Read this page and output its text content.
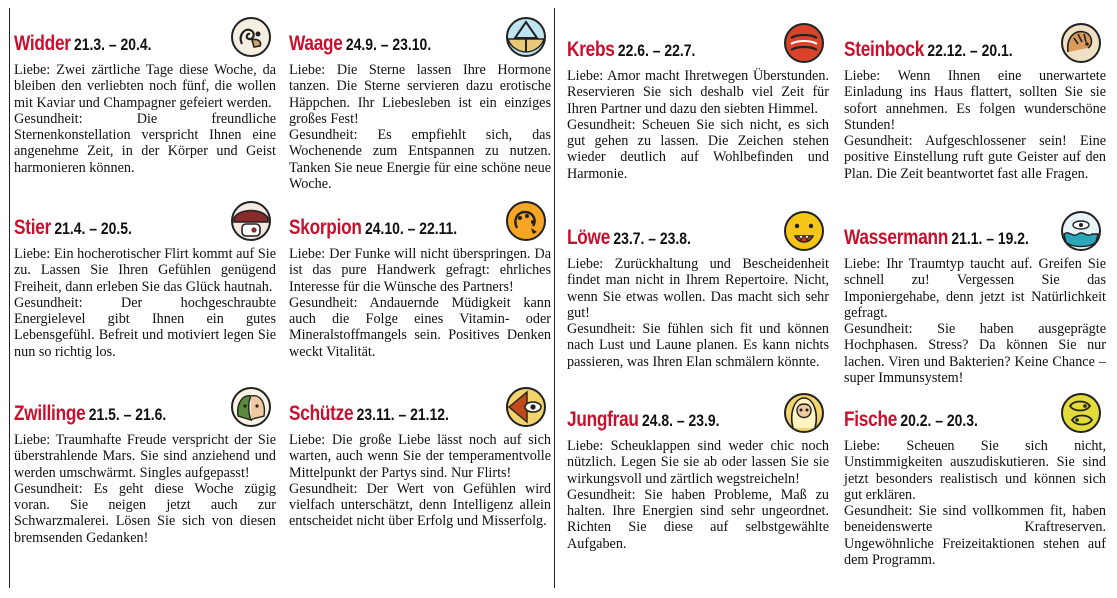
Widder 21.3. – 20.4.

Liebe: Zwei zärtliche Tage diese Woche, da bleiben den verliebten noch fünf, die wollen mit Kaviar und Champagner gefeiert werden.

Gesundheit: Die freundliche Sternenkonstellation verspricht Ihnen eine angenehme Zeit, in der Körper und Geist harmonieren können.

Stier 21.4. – 20.5.

Liebe: Ein hocherotischer Flirt kommt auf Sie zu. Lassen Sie Ihren Gefühlen genügend Freiheit, dann erleben Sie das Glück hautnah.

Gesundheit: Der hochgeschraubte Energielevel gibt Ihnen ein gutes Lebensgefühl. Befreit und motiviert legen Sie nun so richtig los.

Zwillinge 21.5. – 21.6.

Liebe: Traumhafte Freude verspricht der Sie überstrahlende Mars. Sie sind anziehend und werden umschwärmt. Singles aufgepasst!

Gesundheit: Es geht diese Woche zügig voran. Sie neigen jetzt auch zur Schwarzmalerei. Lösen Sie sich von diesen bremsenden Gedanken!

Waage 24.9. – 23.10.

Liebe: Die Sterne lassen Ihre Hormone tanzen. Die Sterne servieren dazu erotische Häppchen. Ihr Liebesleben ist ein einziges großes Fest!

Gesundheit: Es empfiehlt sich, das Wochenende zum Entspannen zu nutzen. Tanken Sie neue Energie für eine schöne neue Woche.

Skorpion 24.10. – 22.11.

Liebe: Der Funke will nicht überspringen. Da ist das pure Handwerk gefragt: ehrliches Interesse für die Wünsche des Partners!

Gesundheit: Andauernde Müdigkeit kann auch die Folge eines Vitamin- oder Mineralstoffmangels sein. Positives Denken weckt Vitalität.

Schütze 23.11. – 21.12.

Liebe: Die große Liebe lässt noch auf sich warten, auch wenn Sie der temperamentvolle Mittelpunkt der Partys sind. Nur Flirts!

Gesundheit: Der Wert von Gefühlen wird vielfach unterschätzt, denn Intelligenz allein entscheidet nicht über Erfolg und Misserfolg.

Krebs 22.6. – 22.7.

Liebe: Amor macht Ihretwegen Überstunden. Reservieren Sie sich deshalb viel Zeit für Ihren Partner und dazu den siebten Himmel.

Gesundheit: Scheuen Sie sich nicht, es sich gut gehen zu lassen. Die Zeichen stehen wieder deutlich auf Wohlbefinden und Harmonie.

Löwe 23.7. – 23.8.

Liebe: Zurückhaltung und Bescheidenheit findet man nicht in Ihrem Repertoire. Nicht, wenn Sie etwas wollen. Das macht sich sehr gut!

Gesundheit: Sie fühlen sich fit und können nach Lust und Laune planen. Es kann nichts passieren, was Ihren Elan schmälern könnte.

Jungfrau 24.8. – 23.9.

Liebe: Scheuklappen sind weder chic noch nützlich. Legen Sie sie ab oder lassen Sie sie wirkungsvoll und zärtlich wegstreicheln!

Gesundheit: Sie haben Probleme, Maß zu halten. Ihre Energien sind sehr ungeordnet. Richten Sie diese auf selbstgewählte Aufgaben.

Steinbock 22.12. – 20.1.

Liebe: Wenn Ihnen eine unerwartete Einladung ins Haus flattert, sollten Sie sie sofort annehmen. Es folgen wunderschöne Stunden!

Gesundheit: Aufgeschlossener sein! Eine positive Einstellung ruft gute Geister auf den Plan. Die Zeit beantwortet fast alle Fragen.

Wassermann 21.1. – 19.2.

Liebe: Ihr Traumtyp taucht auf. Greifen Sie schnell zu! Vergessen Sie das Imponiergehabe, denn jetzt ist Natürlichkeit gefragt.

Gesundheit: Sie haben ausgeprägte Hochphasen. Stress? Da können Sie nur lachen. Viren und Bakterien? Keine Chance – super Immunsystem!

Fische 20.2. – 20.3.

Liebe: Scheuen Sie sich nicht, Unstimmigkeiten auszudiskutieren. Sie sind jetzt besonders realistisch und können sich gut erklären.

Gesundheit: Sie sind vollkommen fit, haben beneidenswerte Kraftreserven. Ungewöhnliche Freizeitaktionen stehen auf dem Programm.
